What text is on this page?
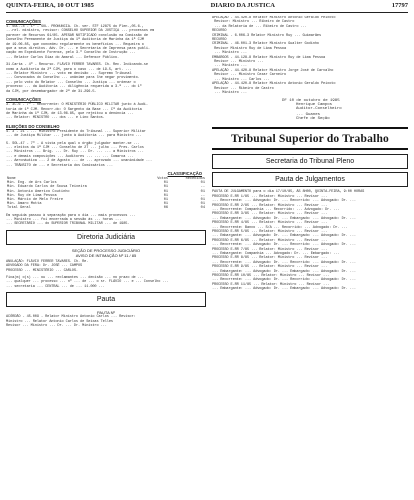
QUINTA-FEIRA, 10 OUT 1985	DIARIO DA JUSTICA	17797
COMUNICAÇÕES

1. SOL.-4 - 1º - SOL. PRONUNCIA. Ch. ver. STF 12875 do Plen.,05.6.,
...rel. ministro, revisor: CONSELHO SUPERIOR DA JUSTIÇA ... processos em
parecer de Recursos 61/85. APESAR NOTIFICADO conclusão na Comissão de
Conselho Permanente de Justiça da 1ª Auditoria de Marinha da 1ª CJM
de 19.06.85, que concedeu regularmente os benefícios ... Requeira o
que a seus direitos. Adv. Dr. ... e Secretaria de Imprensa para publi-
cação em Expediente Forense, pelo 3.º Conselho de Instrução ...
... Relator Carlos Diaz do Amaral ... Defensor Público.

31.Carta - 4º - Recurso. FLÁVIO FERRER TAVARES. Ch. Rec. Indicando-se
como a Auditoria da 2ª CJM, para o caso ... de 19-5, art. ...
... Relator Ministro ... voto em decisão ... Supremo Tribunal
... Convocados do Conselho ... unânime para lhe negar provimento.
... pelo voto do Relator ... Conselho ... Justiça ... ordenar o
processo ... da Auditoria ... diligência requerida a 3.ª ... do 1º
da CJM, por desembargador de 2ª de 31.296-5.

COMUNICAÇÕES

3. 3C-6 - 7º - Recorrente: O MINISTÉRIO PÚBLICO MILITAR junto à Audi-
toria de 1ª CJM. Recorr.do: O Sargento da Base ... Cª da Auditoria
de Marinha da 1ª CJM, de 13.06.85, que rejeitou a denúncia ...
... Relator: MINISTRO ... dos ... e Lino Santos.

ELEIÇÕES DO CONSELHO

4. 3 - 21 - ... Ministro Presidente do Tribunal ... Superior Militar
... de Justiça Militar ... junto à Auditoria ... para Ministro ...

5. SOL-47 - 7º - A vista pela qual o órgão julgador manter-se ...
... eleitos da 1ª CJM ... Conselho de 27 ... julho ... Pres. Carlos
... Ministros ... Brig. ... Dr. Ruy ... Dr. ... ... a Ministros ...
... e demais composições ... Auditores ... ... ... Comarca ...
... Aeronáutica ... 2 de Agosto ... de ... aprovado ... unanimidade ...
... TRÂNSITO de ... e Secretaria dos Comissários ...

CLASSIFICAÇÃO
Nome	Votos	Recebidos
Min. Eng. de Ars Carlos	01	01
Min. Eduardo Carlos de Sousa Teixeira	01	--
Min. Antonio Americo Coutinho	01	01
Min. Ruy de Lima Pessoa	01	--
Min. Márcio de Melo Freire	01	01
Min. Amaro Motta	01	01
Total Geral	06	04

Em seguida passou à separação para o dia ... mais processos ...
... Ministro ... foi encerrada a sessão às ... horas ...
... SECRETÁRIO ... do SUPERIOR TRIBUNAL MILITAR ... de 1985.

Diretoria Judiciária
SEÇÃO DE PROCESSO JUDICIÁRIO
AVISO DE INTIMAÇÃO Nº 11 / 85

ANULAÇÃO: FLÁVIO FERRER TAVARES. Ch. Re.
ADVOGADO DA FERA: Dr. JOSÉ ... CAMPOS
PROCESSO ... MINISTÉRIO ... CARLOS.

Fica(m) o(s) ... ou ... reclamantes ... decisão ... no prazo de ...
... qualquer ... processo ... nº ... de ... o sr. FLÁVIO ... e ... Conselho ...
... secretaria ... CENTRAL ... de ... 11.000 ...

Pauta
PAUTA Nº

ACÓRDÃO - 45.009 - Relator Ministro Antonio Carlos ... Revisor:
Ministro ... Relator Antonio Carlos de Seixas Telles
Revisor ... Ministro ... Dr. ... Dr. Ministro ...

APELAÇÃO - 44.420-8 Relator Ministro Antonio Geraldo Peixoto
Revisor: Ministro ... Ribeiro de Castro
... da Relatoria de ... Ribeiro de Castro ...
RECURSO
CRIMINAL - 6.006-3 Relator Ministro Ruy ... Guimarães
RECURSO
CRIMINAL - 46.001-3 Relator Ministro Gualter Godinho
Revisor Ministro Ruy de Lima Pessoa
... Ministro ...
EMBARGOS - 44.128-8 Relator Ministro Ruy de Lima Pessoa
Revisor ... Ministro ...
... Ministro ...
APELAÇÃO - 44.420-8 Relator Ministro Jorge José de Carvalho
Revisor ... Ministro Cezar Carneiro
... Ministro ... Carlos ...
APELAÇÃO - 44.420-8 Relator Ministro Antonio Geraldo Peixoto
Revisor ... Ribeiro de Castro
... Ministro ...

DF 10 de outubro de 1985
Henrique Campos
Auditor-Conselheiro
... Guanes
Chefe de Seção
Tribunal Superior do Trabalho
Secretaria do Tribunal Pleno
Pauta de Julgamentos

PAUTA DE JULGAMENTO para o dia 17/10/85, ÀS 8H00, QUINTA-FEIRA, 9:00 HORAS
PROCESSO E-RR 1/85 ... Relator: Ministro ... Revisor ...
... Recorrente: ... Advogado: Dr. ... Recorrido: ... Advogado: Dr. ...
PROCESSO E-RR 2/85 ... Relator: Ministro ... Revisor ...
... Recorrente: Companhia ... Recorrido: ... Advogado: Dr. ...
PROCESSO E-RR 3/85 ... Relator: Ministro ... Revisor ...
... Embargante: ... Advogado: Dr. ... Embargado: ... Advogado: Dr. ...
PROCESSO E-RR 4/85 ... Relator: Ministro ... Revisor ...
... Recorrente: Banco ... S/A ... Recorrido: ... Advogado: Dr. ...
PROCESSO E-RR 5/85 ... Relator: Ministro ... Revisor ...
... Embargante: ... Advogado: Dr. ... Embargado: ... Advogado: Dr. ...
PROCESSO E-RR 6/85 ... Relator: Ministro ... Revisor ...
... Recorrente: ... Advogado: Dr. ... Recorrido: ... Advogado: Dr. ...
PROCESSO E-RR 7/85 ... Relator: Ministro ... Revisor ...
... Embargante: Companhia ... Advogado: Dr. ... Embargado: ...
PROCESSO E-RR 8/85 ... Relator: Ministro ... Revisor ...
... Recorrente: ... Advogado: Dr. ... Recorrido: ... Advogado: Dr. ...
PROCESSO E-RR 9/85 ... Relator: Ministro ... Revisor ...
... Embargante: ... Advogado: Dr. ... Embargado: ... Advogado: Dr. ...
PROCESSO E-RR 10/85 ... Relator: Ministro ... Revisor ...
... Recorrente: ... Advogado: Dr. ... Recorrido: ... Advogado: Dr. ...
PROCESSO E-RR 11/85 ... Relator: Ministro ... Revisor ...
... Embargante: ... Advogado: Dr. ... Embargado: ... Advogado: Dr. ...
